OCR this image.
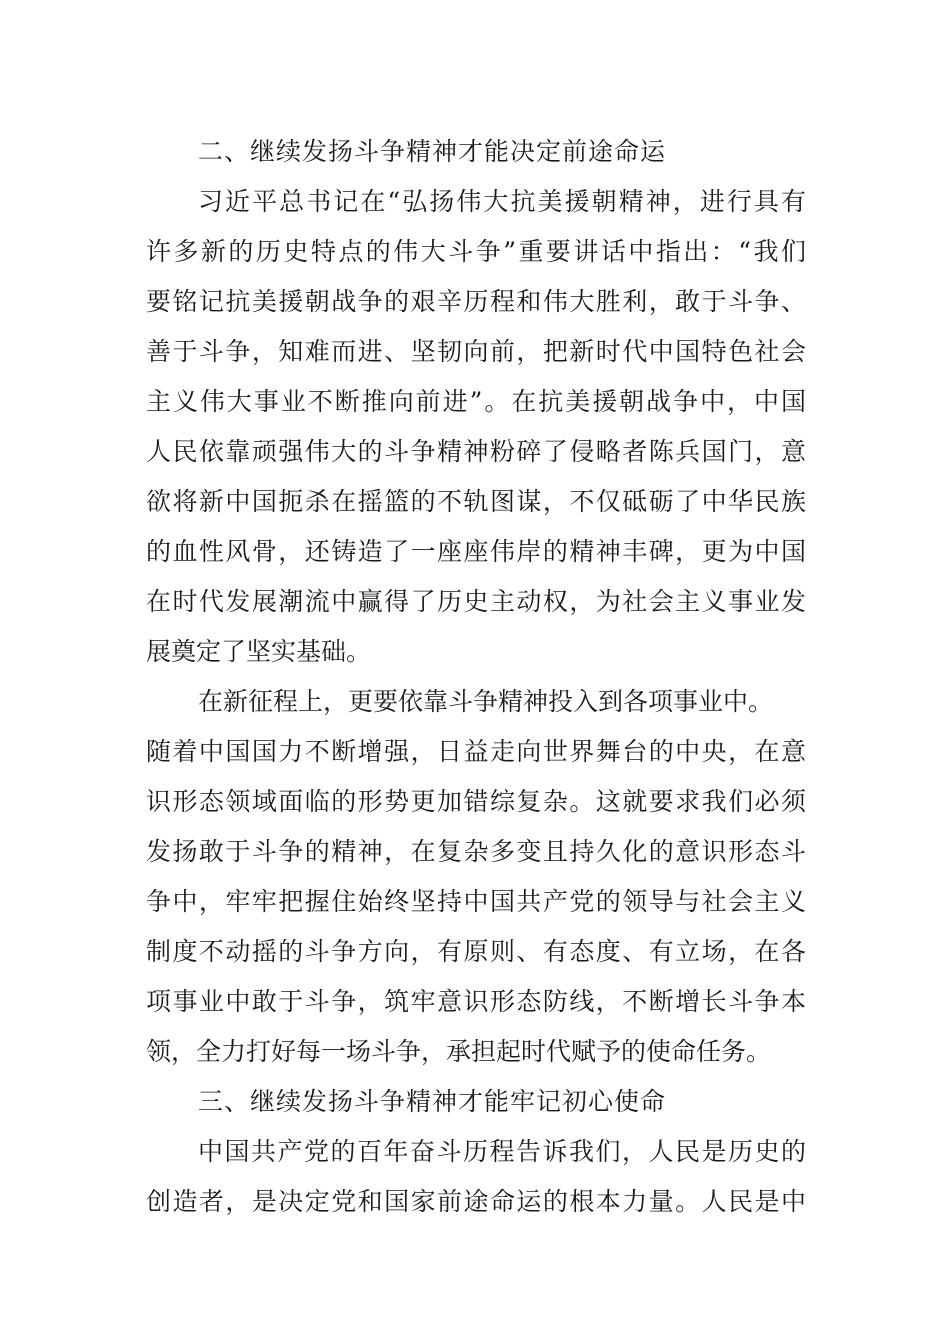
二、继续发扬斗争精神才能决定前途命运
习近平总书记在“弘扬伟大抗美援朝精神，进行具有
许多新的历史特点的伟大斗争”重要讲话中指出：“我们
要铭记抗美援朝战争的艰辛历程和伟大胜利，敢于斗争、
善于斗争，知难而进、坚韧向前，把新时代中国特色社会
主义伟大事业不断推向前进”。在抗美援朝战争中，中国
人民依靠顽强伟大的斗争精神粉碎了侵略者陈兵国门，意
欲将新中国扼杀在摇篮的不轨图谋，不仅砥砺了中华民族
的血性风骨，还铸造了一座座伟岸的精神丰碑，更为中国
在时代发展潮流中赢得了历史主动权，为社会主义事业发
展奠定了坚实基础。
在新征程上，更要依靠斗争精神投入到各项事业中。
随着中国国力不断增强，日益走向世界舞台的中央，在意
识形态领域面临的形势更加错综复杂。这就要求我们必须
发扬敢于斗争的精神，在复杂多变且持久化的意识形态斗
争中，牢牢把握住始终坚持中国共产党的领导与社会主义
制度不动摇的斗争方向，有原则、有态度、有立场，在各
项事业中敢于斗争，筑牢意识形态防线，不断增长斗争本
领，全力打好每一场斗争，承担起时代赋予的使命任务。
三、继续发扬斗争精神才能牢记初心使命
中国共产党的百年奋斗历程告诉我们，人民是历史的
创造者，是决定党和国家前途命运的根本力量。人民是中
